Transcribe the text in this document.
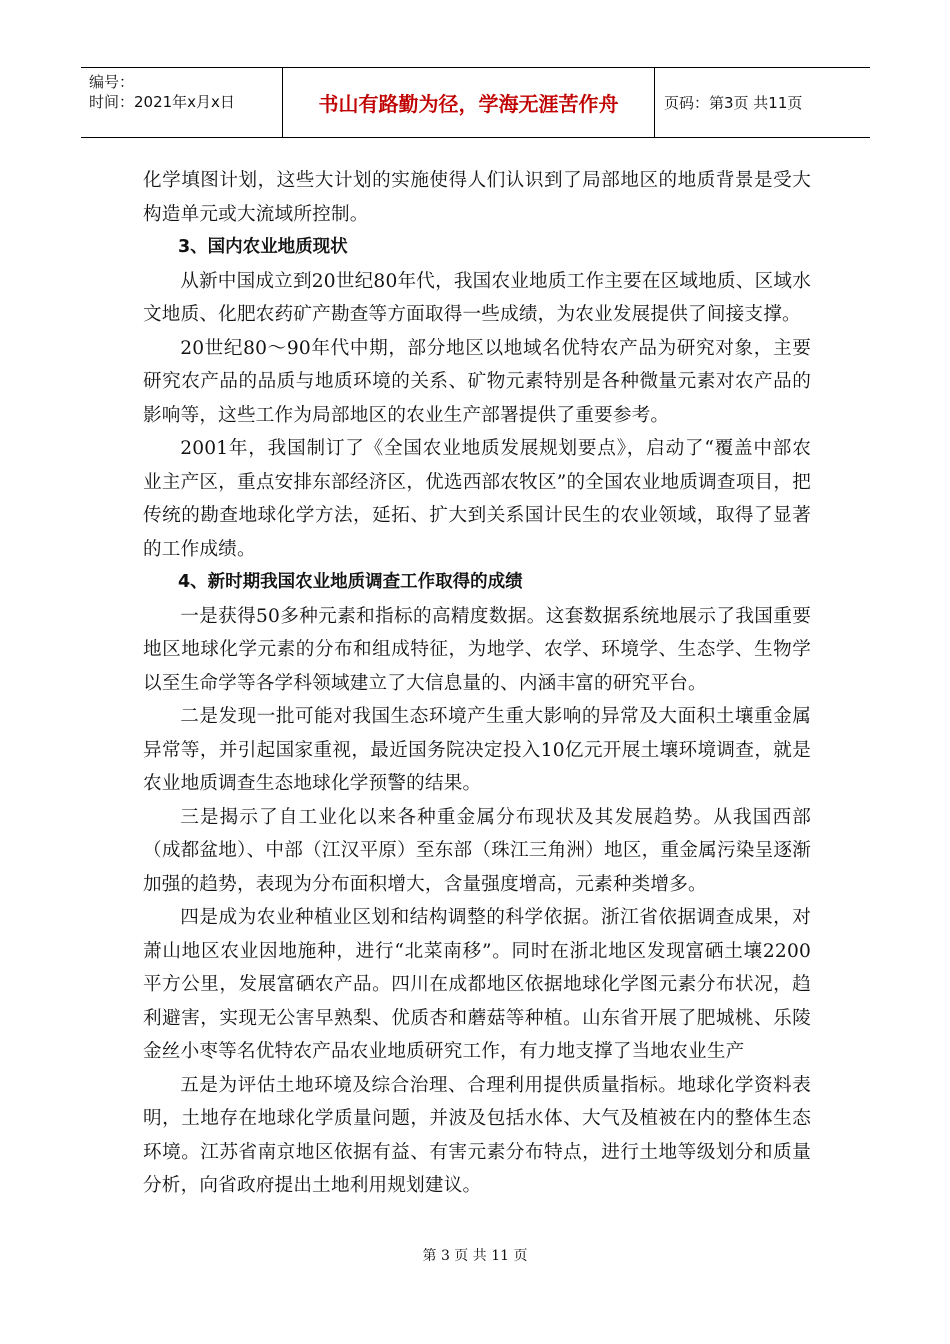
编号：
时间：2021年x月x日	书山有路勤为径，学海无涯苦作舟	页码：第3页 共11页

化学填图计划，这些大计划的实施使得人们认识到了局部地区的地质背景是受大构造单元或大流域所控制。

3、国内农业地质现状

从新中国成立到20世纪80年代，我国农业地质工作主要在区域地质、区域水文地质、化肥农药矿产勘查等方面取得一些成绩，为农业发展提供了间接支撑。

20世纪80～90年代中期，部分地区以地域名优特农产品为研究对象，主要研究农产品的品质与地质环境的关系、矿物元素特别是各种微量元素对农产品的影响等，这些工作为局部地区的农业生产部署提供了重要参考。

2001年，我国制订了《全国农业地质发展规划要点》，启动了“覆盖中部农业主产区，重点安排东部经济区，优选西部农牧区”的全国农业地质调查项目，把传统的勘查地球化学方法，延拓、扩大到关系国计民生的农业领域，取得了显著的工作成绩。

4、新时期我国农业地质调查工作取得的成绩

一是获得50多种元素和指标的高精度数据。这套数据系统地展示了我国重要地区地球化学元素的分布和组成特征，为地学、农学、环境学、生态学、生物学以至生命学等各学科领域建立了大信息量的、内涵丰富的研究平台。

二是发现一批可能对我国生态环境产生重大影响的异常及大面积土壤重金属异常等，并引起国家重视，最近国务院决定投入10亿元开展土壤环境调查，就是农业地质调查生态地球化学预警的结果。

三是揭示了自工业化以来各种重金属分布现状及其发展趋势。从我国西部（成都盆地）、中部（江汉平原）至东部（珠江三角洲）地区，重金属污染呈逐渐加强的趋势，表现为分布面积增大，含量强度增高，元素种类增多。

四是成为农业种植业区划和结构调整的科学依据。浙江省依据调查成果，对萧山地区农业因地施种，进行“北菜南移”。同时在浙北地区发现富硒土壤2200平方公里，发展富硒农产品。四川在成都地区依据地球化学图元素分布状况，趋利避害，实现无公害早熟梨、优质杏和蘑菇等种植。山东省开展了肥城桃、乐陵金丝小枣等名优特农产品农业地质研究工作，有力地支撑了当地农业生产

五是为评估土地环境及综合治理、合理利用提供质量指标。地球化学资料表明，土地存在地球化学质量问题，并波及包括水体、大气及植被在内的整体生态环境。江苏省南京地区依据有益、有害元素分布特点，进行土地等级划分和质量分析，向省政府提出土地利用规划建议。

第 3 页 共 11 页
